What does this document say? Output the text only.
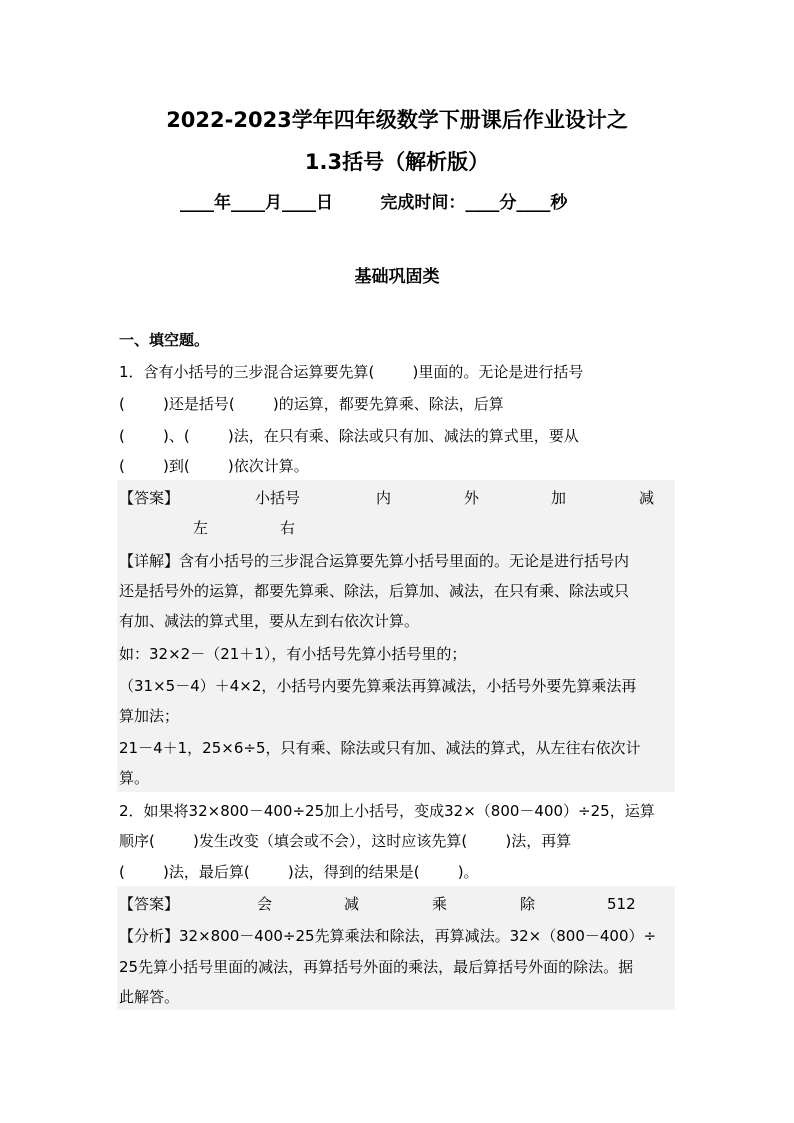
2022-2023学年四年级数学下册课后作业设计之
1.3括号（解析版）
____年____月____日        完成时间：____分____秒
基础巩固类
一、填空题。
1．含有小括号的三步混合运算要先算(        )里面的。无论是进行括号
(        )还是括号(        )的运算，都要先算乘、除法，后算
(        )、(        )法，在只有乘、除法或只有加、减法的算式里，要从
(        )到(        )依次计算。
【答案】	小括号	内	外	加	减
左	右
【详解】含有小括号的三步混合运算要先算小括号里面的。无论是进行括号内
还是括号外的运算，都要先算乘、除法，后算加、减法，在只有乘、除法或只
有加、减法的算式里，要从左到右依次计算。
如：32×2－（21＋1），有小括号先算小括号里的；
（31×5－4）＋4×2，小括号内要先算乘法再算减法，小括号外要先算乘法再
算加法；
21－4＋1，25×6÷5，只有乘、除法或只有加、减法的算式，从左往右依次计
算。
2．如果将32×800－400÷25加上小括号，变成32×（800－400）÷25，运算
顺序(        )发生改变（填会或不会），这时应该先算(        )法，再算
(        )法，最后算(        )法，得到的结果是(        )。
【答案】	会	减	乘	除	512
【分析】32×800－400÷25先算乘法和除法，再算减法。32×（800－400）÷
25先算小括号里面的减法，再算括号外面的乘法，最后算括号外面的除法。据
此解答。
